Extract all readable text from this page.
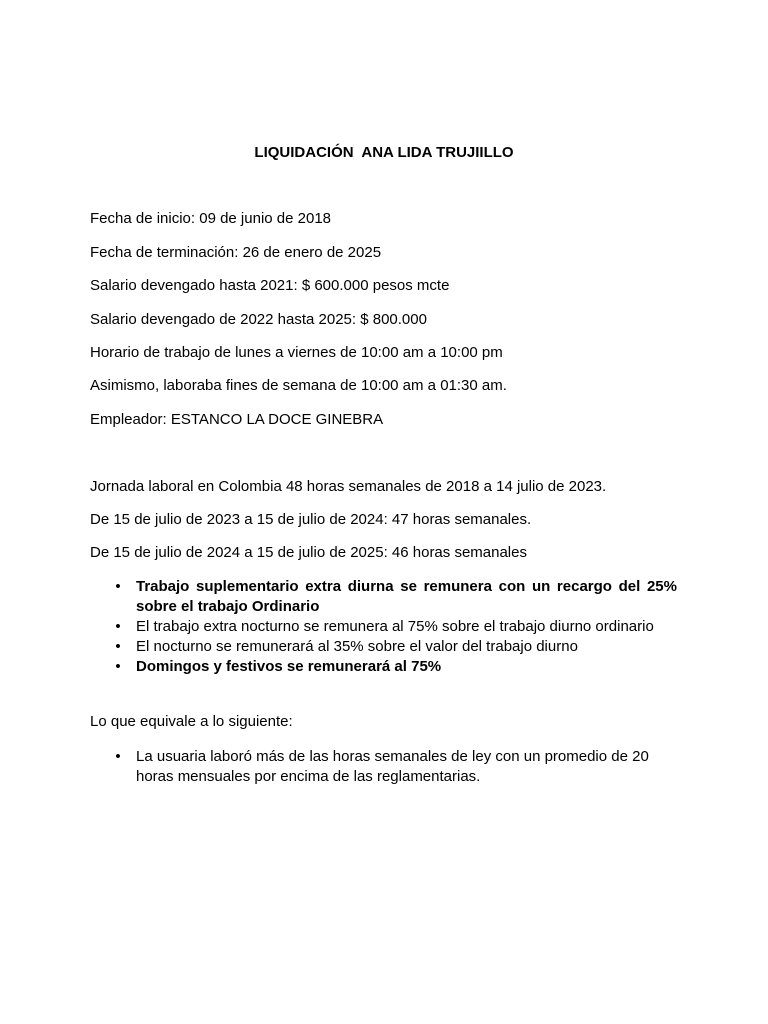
LIQUIDACIÓN  ANA LIDA TRUJIILLO
Fecha de inicio: 09 de junio de 2018
Fecha de terminación: 26 de enero de 2025
Salario devengado hasta 2021: $ 600.000 pesos mcte
Salario devengado de 2022 hasta 2025: $ 800.000
Horario de trabajo de lunes a viernes de 10:00 am a 10:00 pm
Asimismo, laboraba fines de semana de 10:00 am a 01:30 am.
Empleador: ESTANCO LA DOCE GINEBRA
Jornada laboral en Colombia 48 horas semanales de 2018 a 14 julio de 2023.
De 15 de julio de 2023 a 15 de julio de 2024: 47 horas semanales.
De 15 de julio de 2024 a 15 de julio de 2025: 46 horas semanales
• Trabajo suplementario extra diurna se remunera con un recargo del 25% sobre el trabajo Ordinario
• El trabajo extra nocturno se remunera al 75% sobre el trabajo diurno ordinario
• El nocturno se remunerará al 35% sobre el valor del trabajo diurno
• Domingos y festivos se remunerará al 75%
Lo que equivale a lo siguiente:
• La usuaria laboró más de las horas semanales de ley con un promedio de 20 horas mensuales por encima de las reglamentarias.
